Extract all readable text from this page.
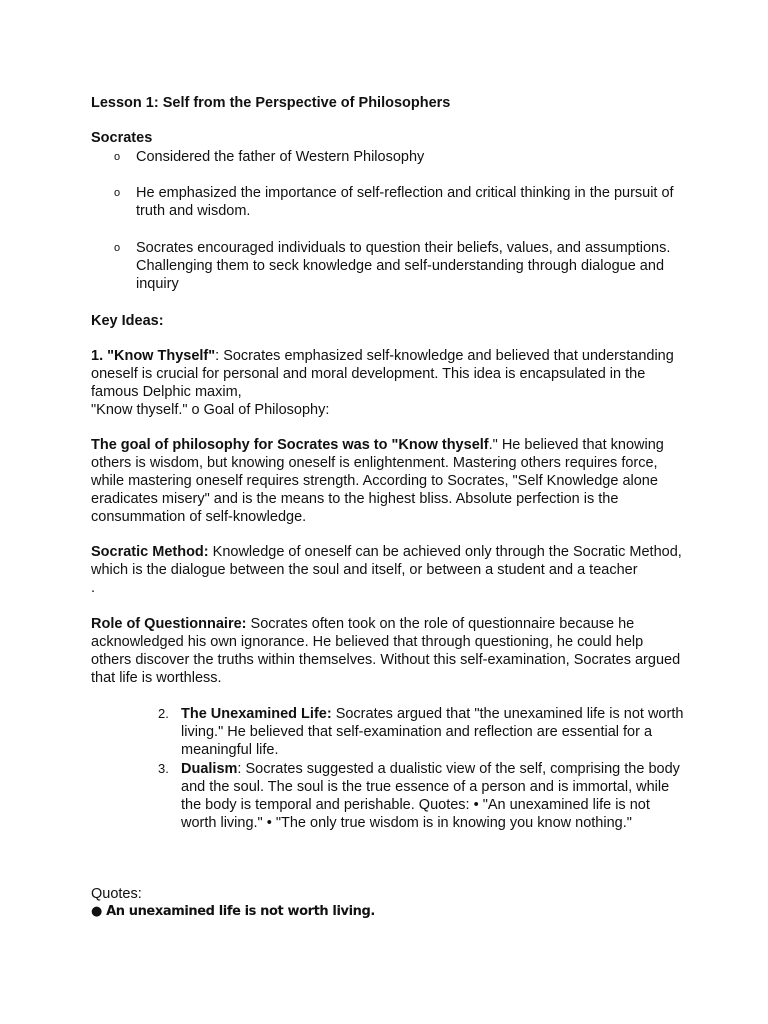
Lesson 1: Self from the Perspective of Philosophers
Socrates
o Considered the father of Western Philosophy
o He emphasized the importance of self-reflection and critical thinking in the pursuit of truth and wisdom.
o Socrates encouraged individuals to question their beliefs, values, and assumptions. Challenging them to seck knowledge and self-understanding through dialogue and inquiry
Key Ideas:
1. "Know Thyself": Socrates emphasized self-knowledge and believed that understanding oneself is crucial for personal and moral development. This idea is encapsulated in the famous Delphic maxim,
"Know thyself." o Goal of Philosophy:
The goal of philosophy for Socrates was to "Know thyself." He believed that knowing others is wisdom, but knowing oneself is enlightenment. Mastering others requires force, while mastering oneself requires strength. According to Socrates, "Self Knowledge alone eradicates misery" and is the means to the highest bliss. Absolute perfection is the consummation of self-knowledge.
Socratic Method: Knowledge of oneself can be achieved only through the Socratic Method, which is the dialogue between the soul and itself, or between a student and a teacher
.
Role of Questionnaire: Socrates often took on the role of questionnaire because he acknowledged his own ignorance. He believed that through questioning, he could help others discover the truths within themselves. Without this self-examination, Socrates argued that life is worthless.
2. The Unexamined Life: Socrates argued that "the unexamined life is not worth living." He believed that self-examination and reflection are essential for a meaningful life.
3. Dualism: Socrates suggested a dualistic view of the self, comprising the body and the soul. The soul is the true essence of a person and is immortal, while the body is temporal and perishable. Quotes: • "An unexamined life is not worth living." • "The only true wisdom is in knowing you know nothing."
Quotes:
● An unexamined life is not worth living.
